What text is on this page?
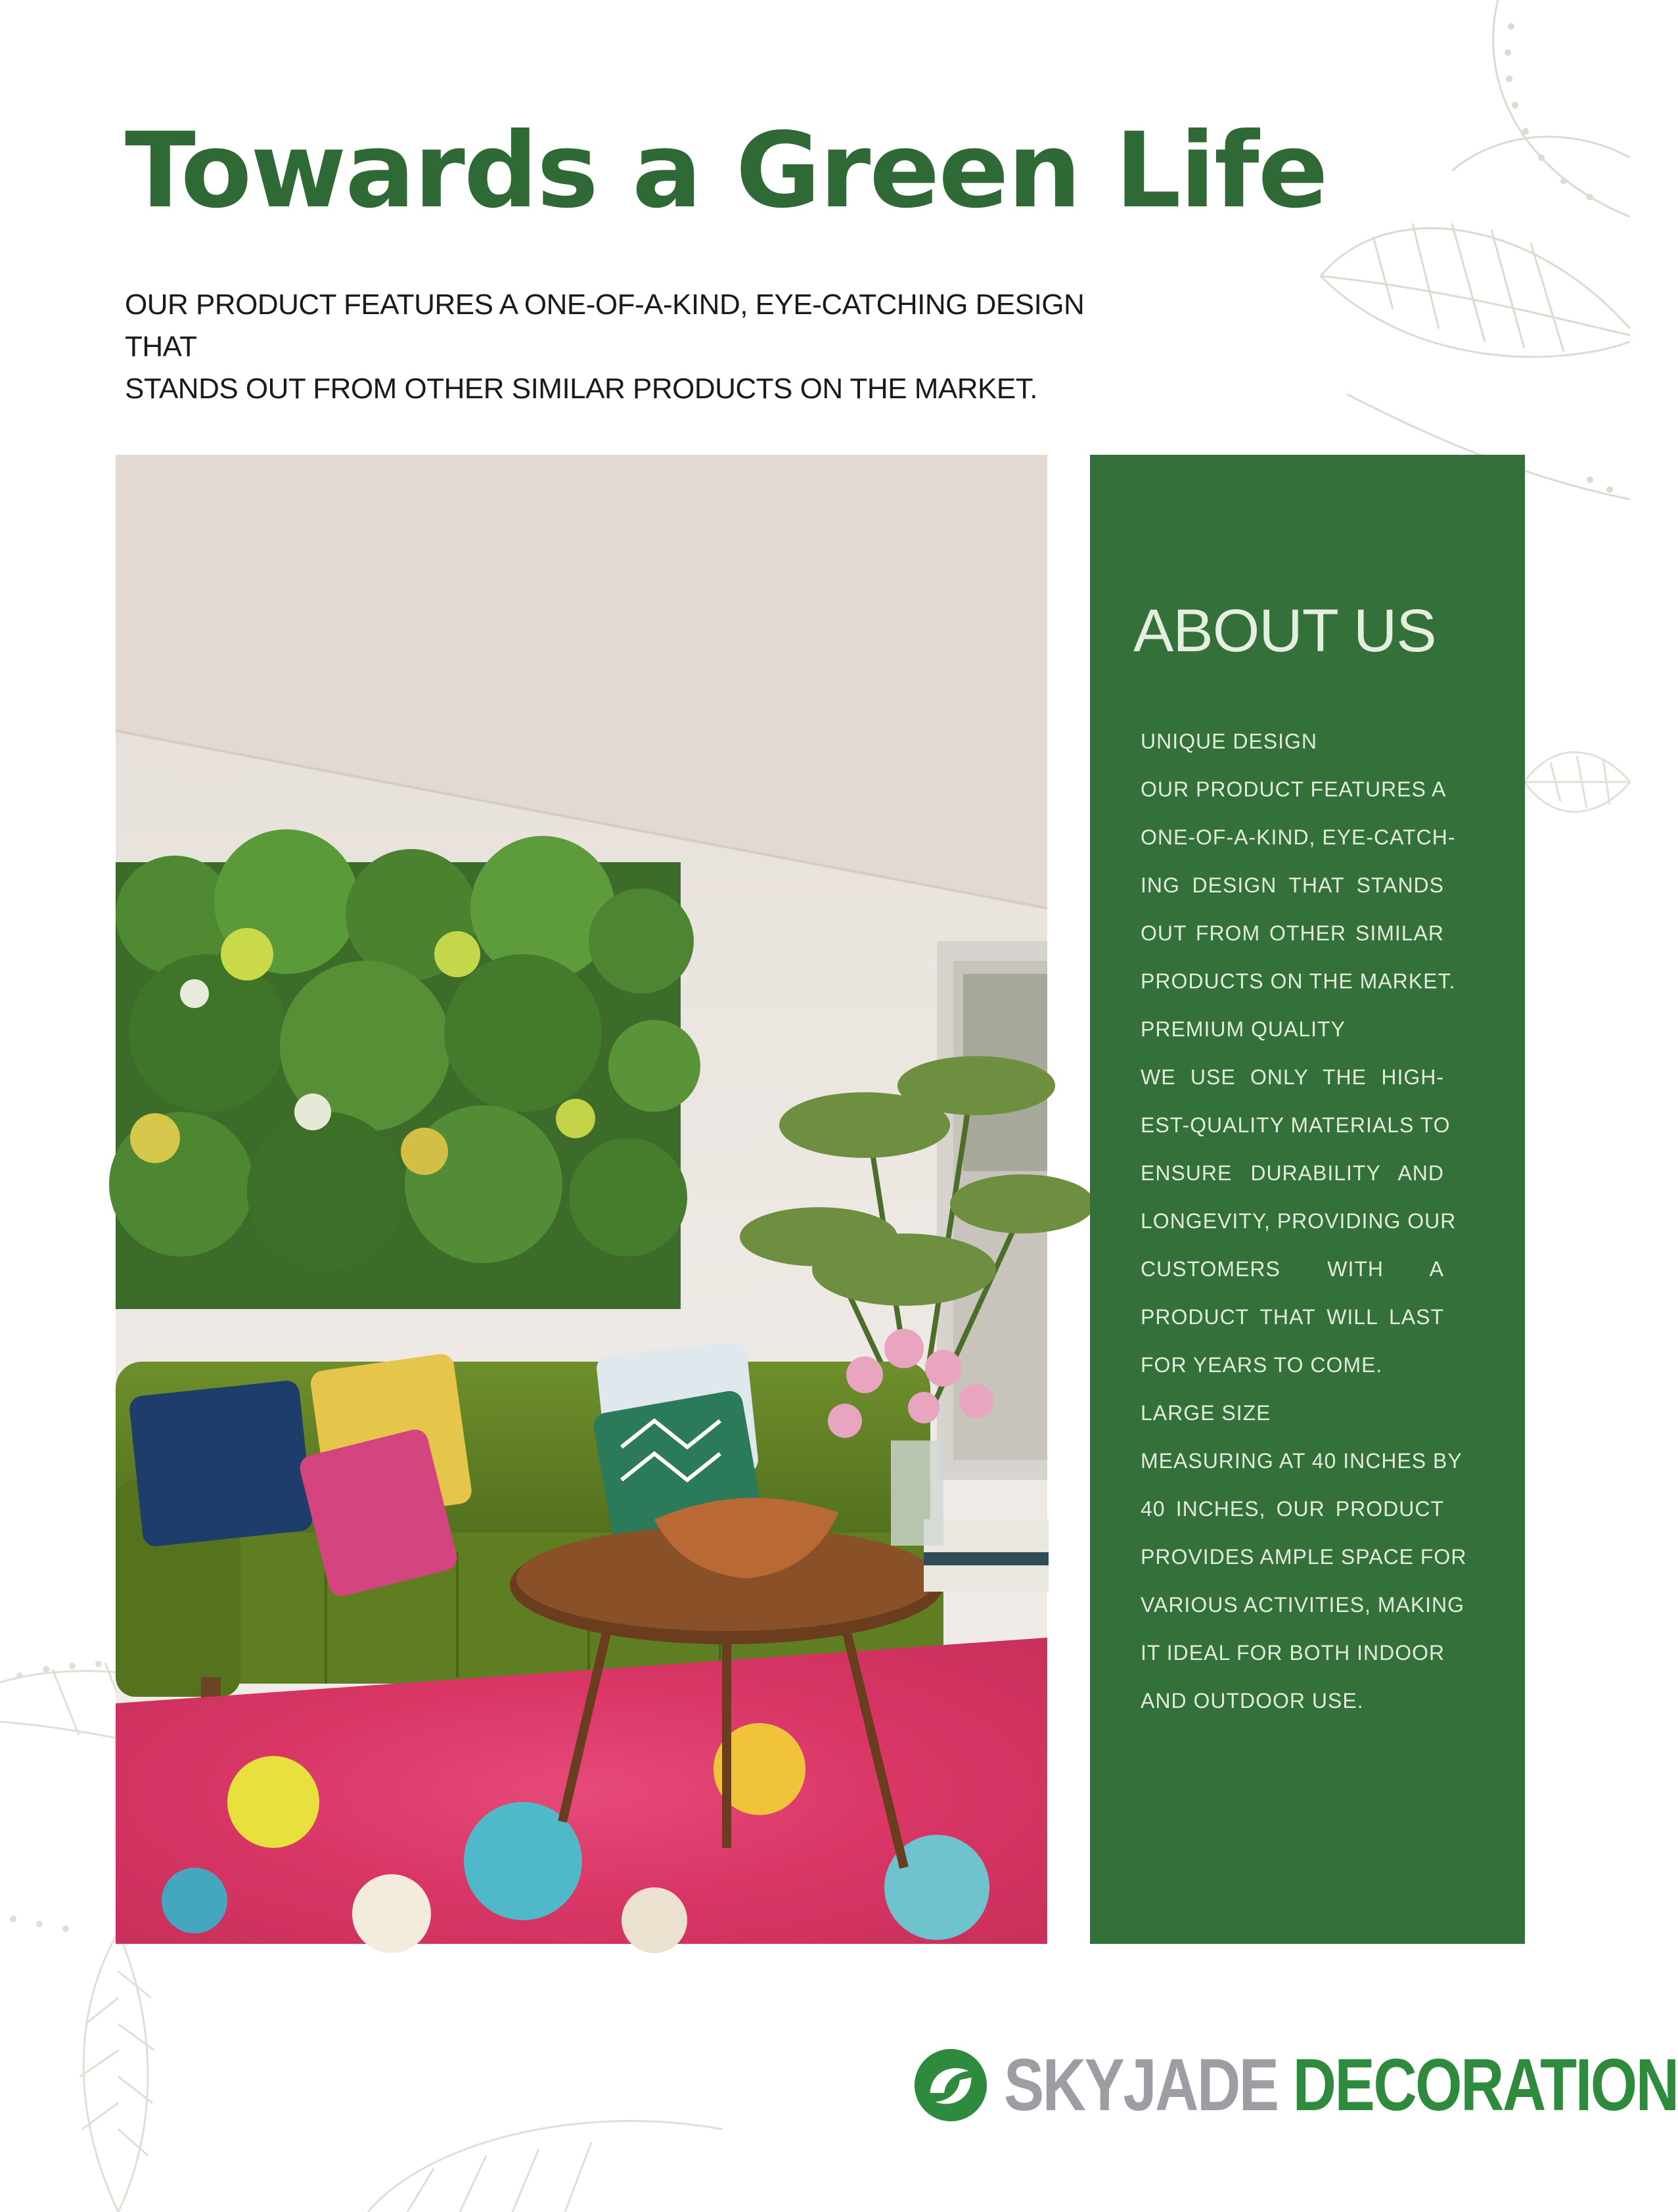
Towards a Green Life

OUR PRODUCT FEATURES A ONE-OF-A-KIND, EYE-CATCHING DESIGN THAT
STANDS OUT FROM OTHER SIMILAR PRODUCTS ON THE MARKET.

ABOUT US
UNIQUE DESIGN
OUR PRODUCT FEATURES A
ONE-OF-A-KIND, EYE-CATCH-
ING DESIGN THAT STANDS
OUT FROM OTHER SIMILAR
PRODUCTS ON THE MARKET.
PREMIUM QUALITY
WE USE ONLY THE HIGH-
EST-QUALITY MATERIALS TO
ENSURE DURABILITY AND
LONGEVITY, PROVIDING OUR
CUSTOMERS WITH A
PRODUCT THAT WILL LAST
FOR YEARS TO COME.
LARGE SIZE
MEASURING AT 40 INCHES BY
40 INCHES, OUR PRODUCT
PROVIDES AMPLE SPACE FOR
VARIOUS ACTIVITIES, MAKING
IT IDEAL FOR BOTH INDOOR
AND OUTDOOR USE.
SKYJADE DECORATION
